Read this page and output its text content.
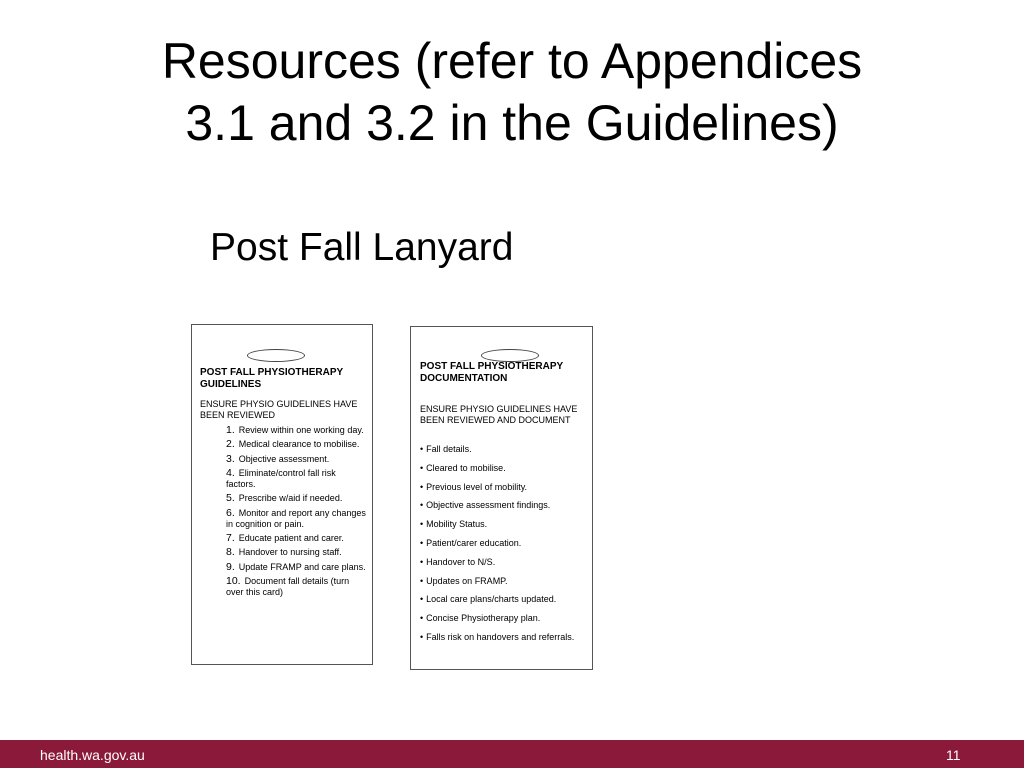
Resources (refer to Appendices
3.1 and 3.2 in the Guidelines)
Post Fall Lanyard
POST FALL PHYSIOTHERAPY GUIDELINES
ENSURE PHYSIO GUIDELINES HAVE BEEN REVIEWED
1. Review within one working day.
2. Medical clearance to mobilise.
3. Objective assessment.
4. Eliminate/control fall risk factors.
5. Prescribe w/aid if needed.
6. Monitor and report any changes in cognition or pain.
7. Educate patient and carer.
8. Handover to nursing staff.
9. Update FRAMP and care plans.
10. Document fall details (turn over this card)
POST FALL PHYSIOTHERAPY DOCUMENTATION
ENSURE PHYSIO GUIDELINES HAVE BEEN REVIEWED AND DOCUMENT
• Fall details.
• Cleared to mobilise.
• Previous level of mobility.
• Objective assessment findings.
• Mobility Status.
• Patient/carer education.
• Handover to N/S.
• Updates on FRAMP.
• Local care plans/charts updated.
• Concise Physiotherapy plan.
• Falls risk on handovers and referrals.
health.wa.gov.au	11
